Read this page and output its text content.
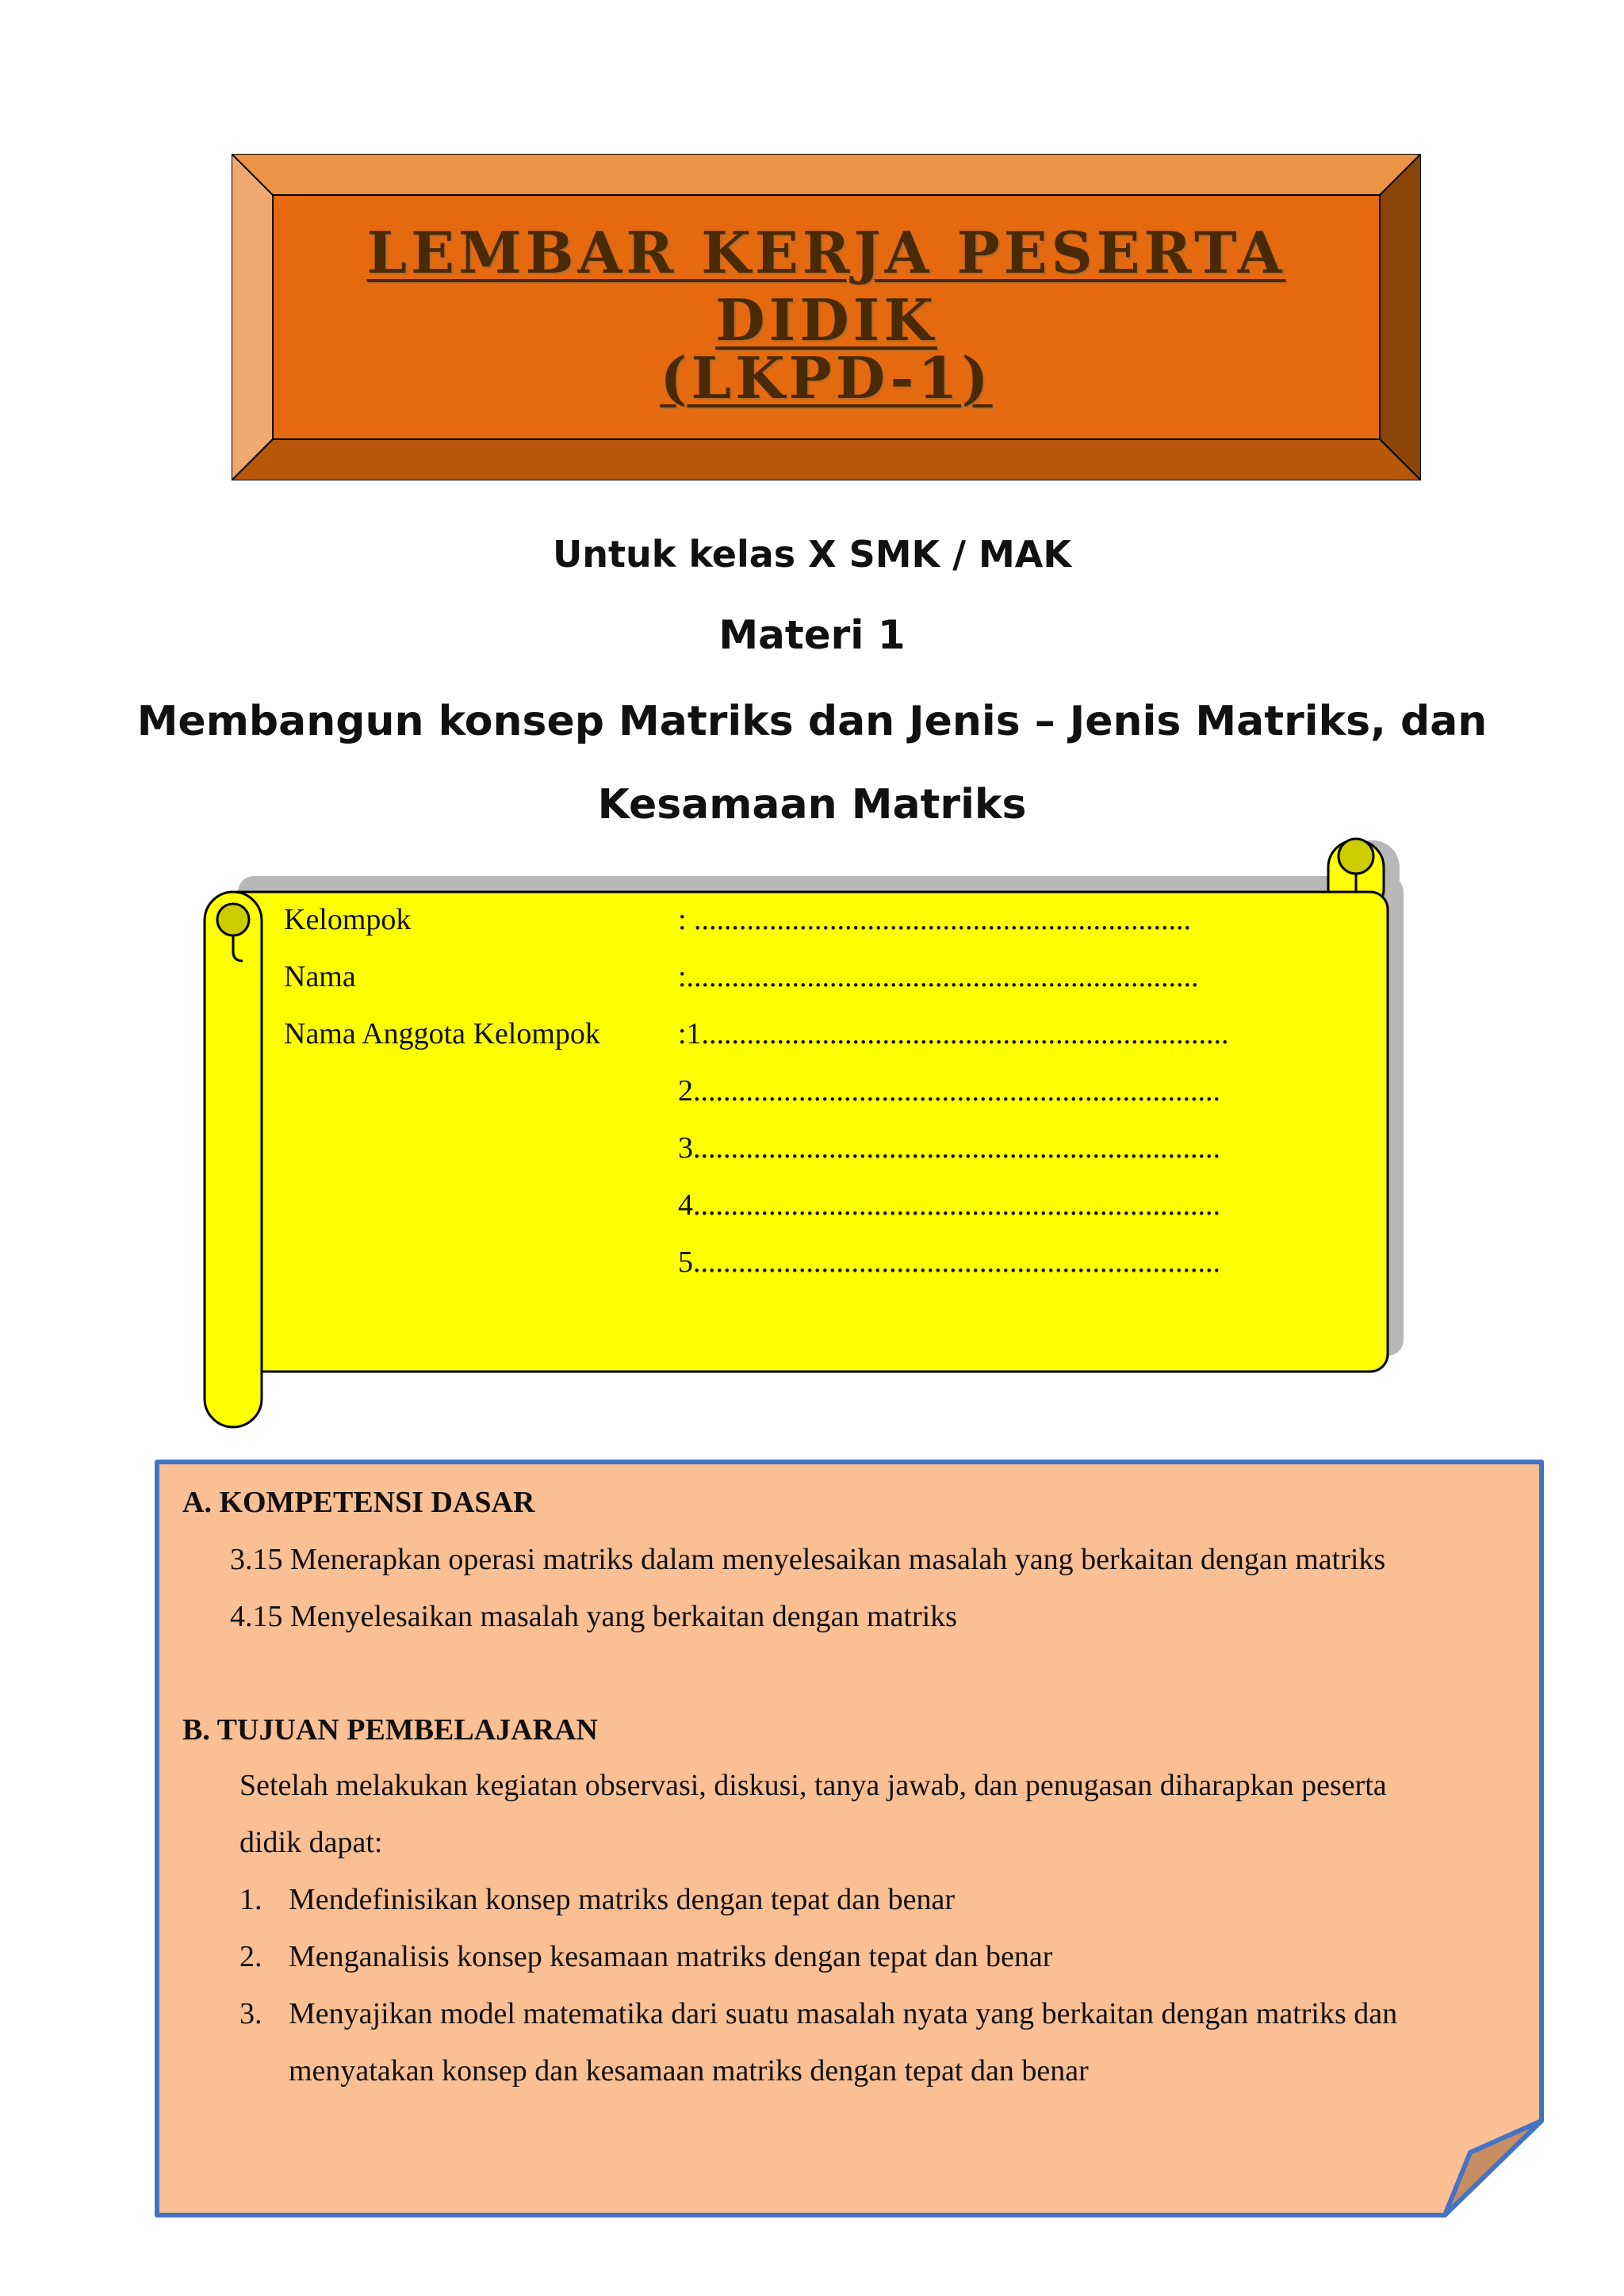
LEMBAR KERJA PESERTA DIDIK
(LKPD-1)
Untuk kelas X SMK / MAK
Materi 1
Membangun konsep Matriks dan Jenis – Jenis Matriks, dan
Kesamaan Matriks
Kelompok	: ..................................................................
Nama	:....................................................................
Nama Anggota Kelompok	:1......................................................................
2......................................................................
3......................................................................
4......................................................................
5......................................................................
A. KOMPETENSI DASAR
3.15 Menerapkan operasi matriks dalam menyelesaikan masalah yang berkaitan dengan matriks
4.15 Menyelesaikan masalah yang berkaitan dengan matriks
B. TUJUAN PEMBELAJARAN
Setelah melakukan kegiatan observasi, diskusi, tanya jawab, dan penugasan diharapkan peserta
didik dapat:
1. Mendefinisikan konsep matriks dengan tepat dan benar
2. Menganalisis konsep kesamaan matriks dengan tepat dan benar
3. Menyajikan model matematika dari suatu masalah nyata yang berkaitan dengan matriks dan
menyatakan konsep dan kesamaan matriks dengan tepat dan benar
